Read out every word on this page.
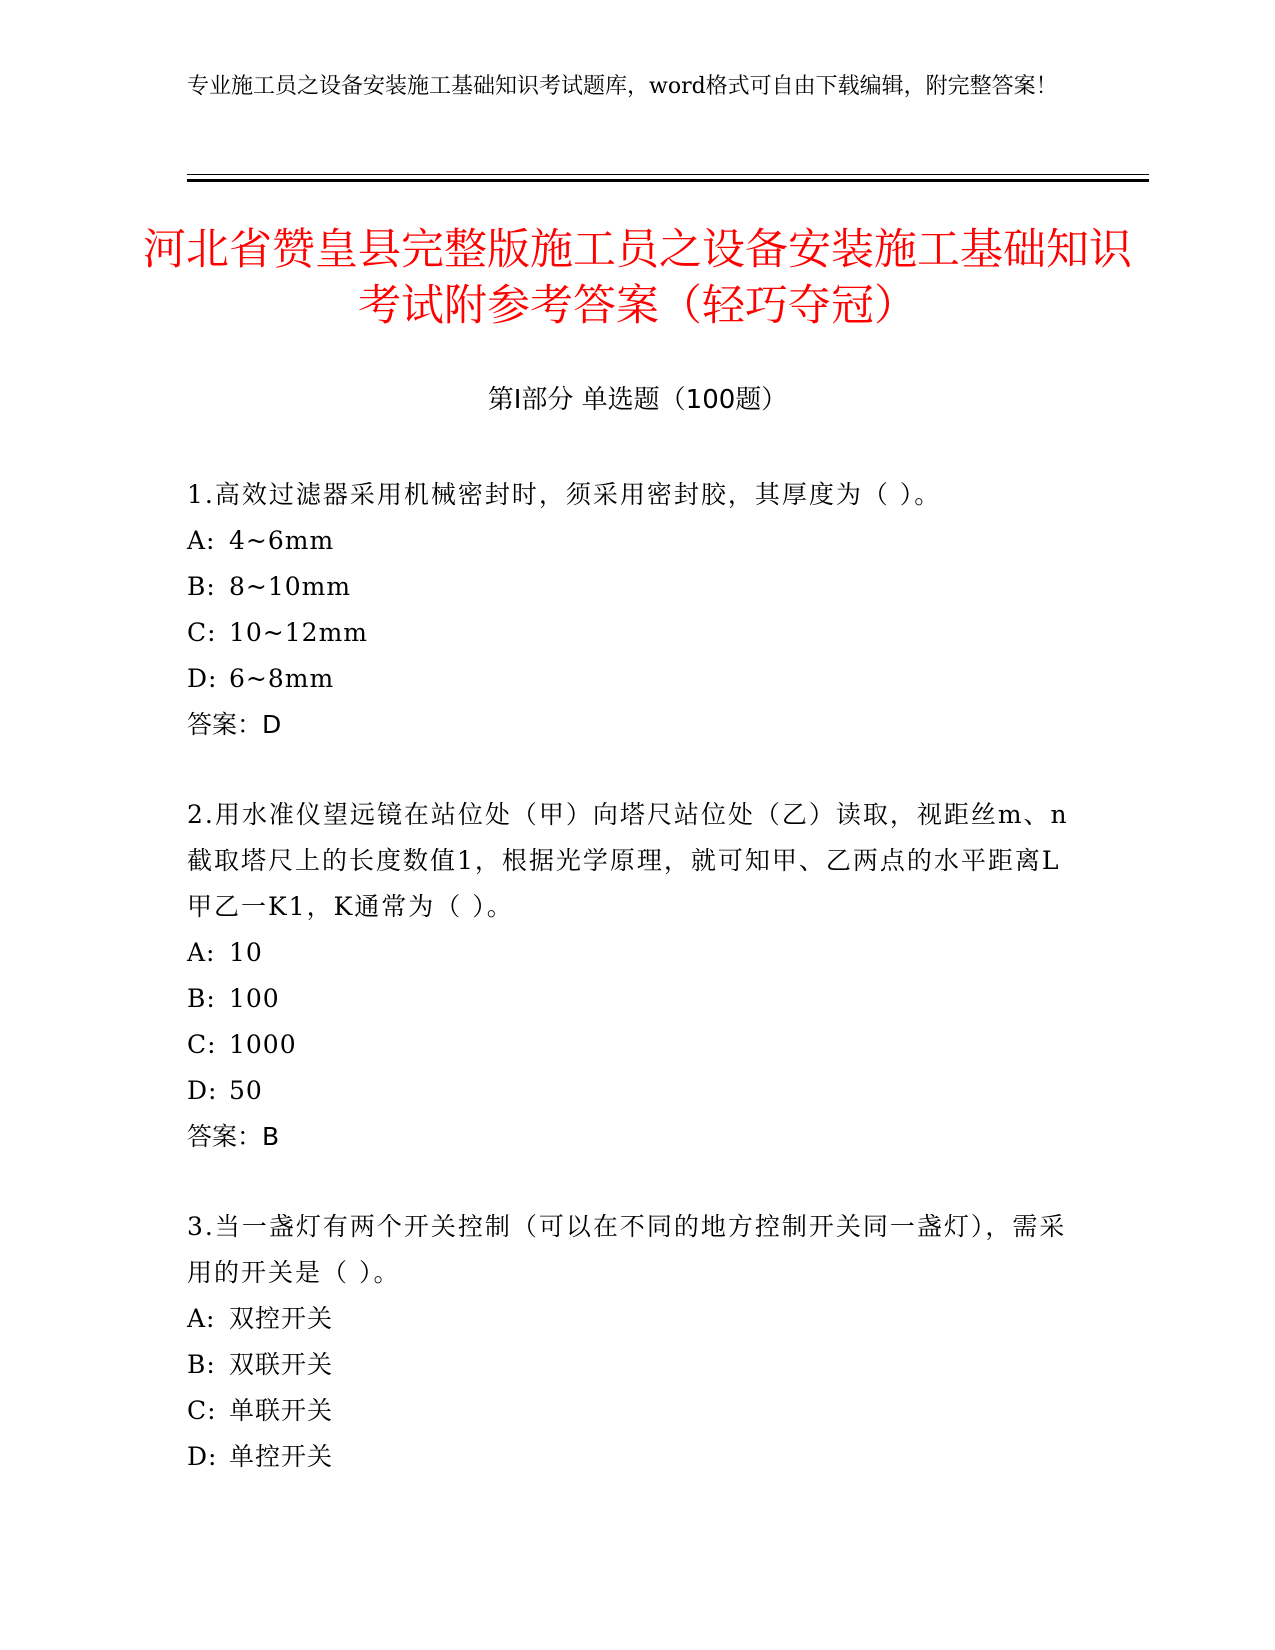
专业施工员之设备安装施工基础知识考试题库，word格式可自由下载编辑，附完整答案！
河北省赞皇县完整版施工员之设备安装施工基础知识考试附参考答案（轻巧夺冠）
第Ⅰ部分 单选题（100题）

1.高效过滤器采用机械密封时，须采用密封胶，其厚度为（ ）。

A: 4~6mm

B: 8~10mm

C: 10~12mm

D: 6~8mm

答案：D

2.用水准仪望远镜在站位处（甲）向塔尺站位处（乙）读取，视距丝m、n截取塔尺上的长度数值1，根据光学原理，就可知甲、乙两点的水平距离L甲乙一K1，K通常为（ ）。

A: 10

B: 100

C: 1000

D: 50

答案：B

3.当一盏灯有两个开关控制（可以在不同的地方控制开关同一盏灯），需采用的开关是（ ）。

A: 双控开关

B: 双联开关

C: 单联开关

D: 单控开关
